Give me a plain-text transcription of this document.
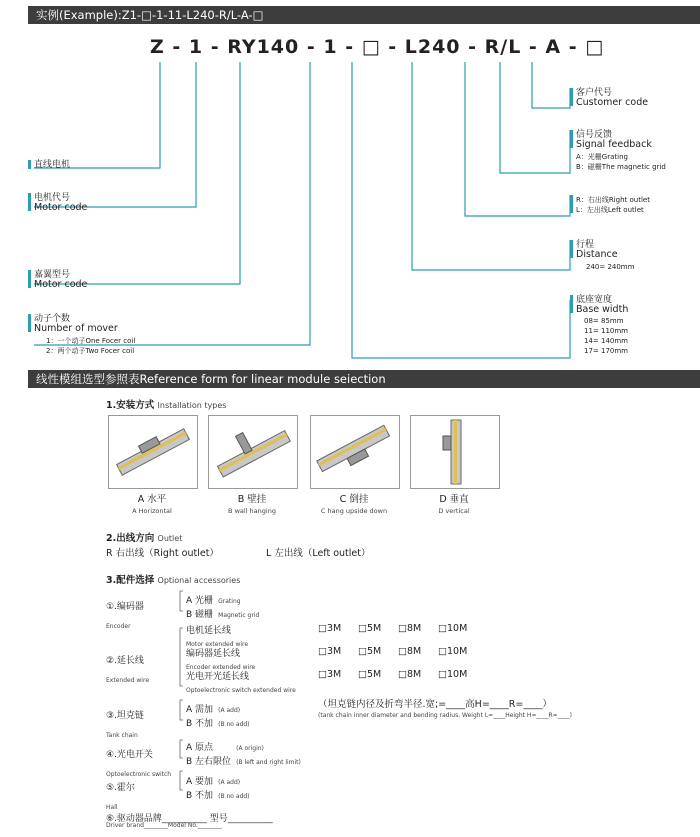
实例(Example):Z1-□-1-11-L240-R/L-A-□
Z - 1 - RY140 - 1 - □ - L240 - R/L - A - □
直线电机
电机代号
Motor code
嘉翼型号
Motor code
动子个数
Number of mover
1：一个动子One Focer coil
2：两个动子Two Focer coil
客户代号
Customer code
信号反馈
Signal feedback
A：光栅Grating
B：磁栅The magnetic grid
R：右出线Right outlet
L：左出线Left outlet
行程
Distance
240= 240mm
底座宽度
Base width
08= 85mm
11= 110mm
14= 140mm
17= 170mm
线性模组选型参照表Reference form for linear module seiection
1.安装方式 Installation types
A 水平
A Horizontal
B 壁挂
B wall hanging
C 倒挂
C hang upside down
D 垂直
D vertical
2.出线方向 Outlet
R 右出线（Right outlet）	L 左出线（Left outlet）
3.配件选择 Optional accessories
①.编码器
Encoder
A 光栅 Grating
B 磁栅 Magnetic grid
②.延长线
Extended wire
电机延长线
Motor extended wire
编码器延长线
Encoder extended wire
光电开光延长线
Optoelectronic switch extended wire
□3M □5M □8M □10M
□3M □5M □8M □10M
□3M □5M □8M □10M
③.坦克链
Tank chain
A 需加 (A add)
B 不加 (B no add)
（坦克链内径及折弯半径.宽;=____高H=____R=____）
(tank chain inner diameter and bending radius. Weight L=____Height H=____R=____)
④.光电开关
Optoelectronic switch
A 原点	(A origin)
B 左右限位 (B left and right limit)
⑤.霍尔
Hall
A 要加 (A add)
B 不加 (B no add)
⑥.驱动器品牌__________ 型号__________
Driver brand________Model No.________
